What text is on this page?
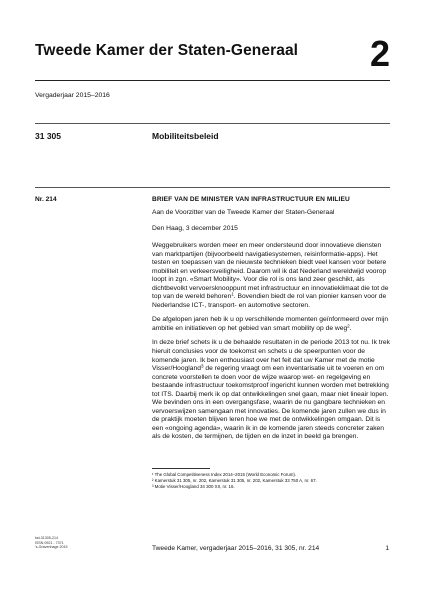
Tweede Kamer der Staten-Generaal 2
Vergaderjaar 2015–2016
31 305	Mobiliteitsbeleid
Nr. 214	BRIEF VAN DE MINISTER VAN INFRASTRUCTUUR EN MILIEU
Aan de Voorzitter van de Tweede Kamer der Staten-Generaal
Den Haag, 3 december 2015

Weggebruikers worden meer en meer ondersteund door innovatieve diensten van marktpartijen (bijvoorbeeld navigatiesystemen, reisinformatie-apps). Het testen en toepassen van de nieuwste technieken biedt veel kansen voor betere mobiliteit en verkeersveiligheid. Daarom wil ik dat Nederland wereldwijd voorop loopt in zgn. «Smart Mobility». Voor die rol is ons land zeer geschikt, als dichtbevolkt vervoersknooppunt met infrastructuur en innovatieklimaat die tot de top van de wereld behoren$^1$. Bovendien biedt de rol van pionier kansen voor de Nederlandse ICT-, transport- en automotive sectoren.

De afgelopen jaren heb ik u op verschillende momenten geïnformeerd over mijn ambitie en initiatieven op het gebied van smart mobility op de weg$^2$.

In deze brief schets ik u de behaalde resultaten in de periode 2013 tot nu. Ik trek hieruit conclusies voor de toekomst en schets u de speerpunten voor de komende jaren. Ik ben enthousiast over het feit dat uw Kamer met de motie Visser/Hoogland$^3$ de regering vraagt om een inventarisatie uit te voeren en om concrete voorstellen te doen voor de wijze waarop wet- en regelgeving en bestaande infrastructuur toekomstproof ingericht kunnen worden met betrekking tot ITS. Daarbij merk ik op dat ontwikkelingen snel gaan, maar niet lineair lopen. We bevinden ons in een overgangsfase, waarin de nu gangbare technieken en vervoerswijzen samengaan met innovaties. De komende jaren zullen we dus in de praktijk moeten blijven leren hoe we met de ontwikkelingen omgaan. Dit is een «ongoing agenda», waarin ik in de komende jaren steeds concreter zaken als de kosten, de termijnen, de tijden en de inzet in beeld ga brengen.

¹ The Global Competitiveness Index 2014–2015 (World Economic Forum).
² Kamerstuk 31 305, nr. 202, Kamerstuk 31 305, nr. 202, Kamerstuk 33 750 A, nr. 67.
³ Motie Visser/Hoogland 34 300 XII, nr. 16.
kst-31305-214
ISSN 0921 - 7371
's-Gravenhage 2015	Tweede Kamer, vergaderjaar 2015–2016, 31 305, nr. 214	1
